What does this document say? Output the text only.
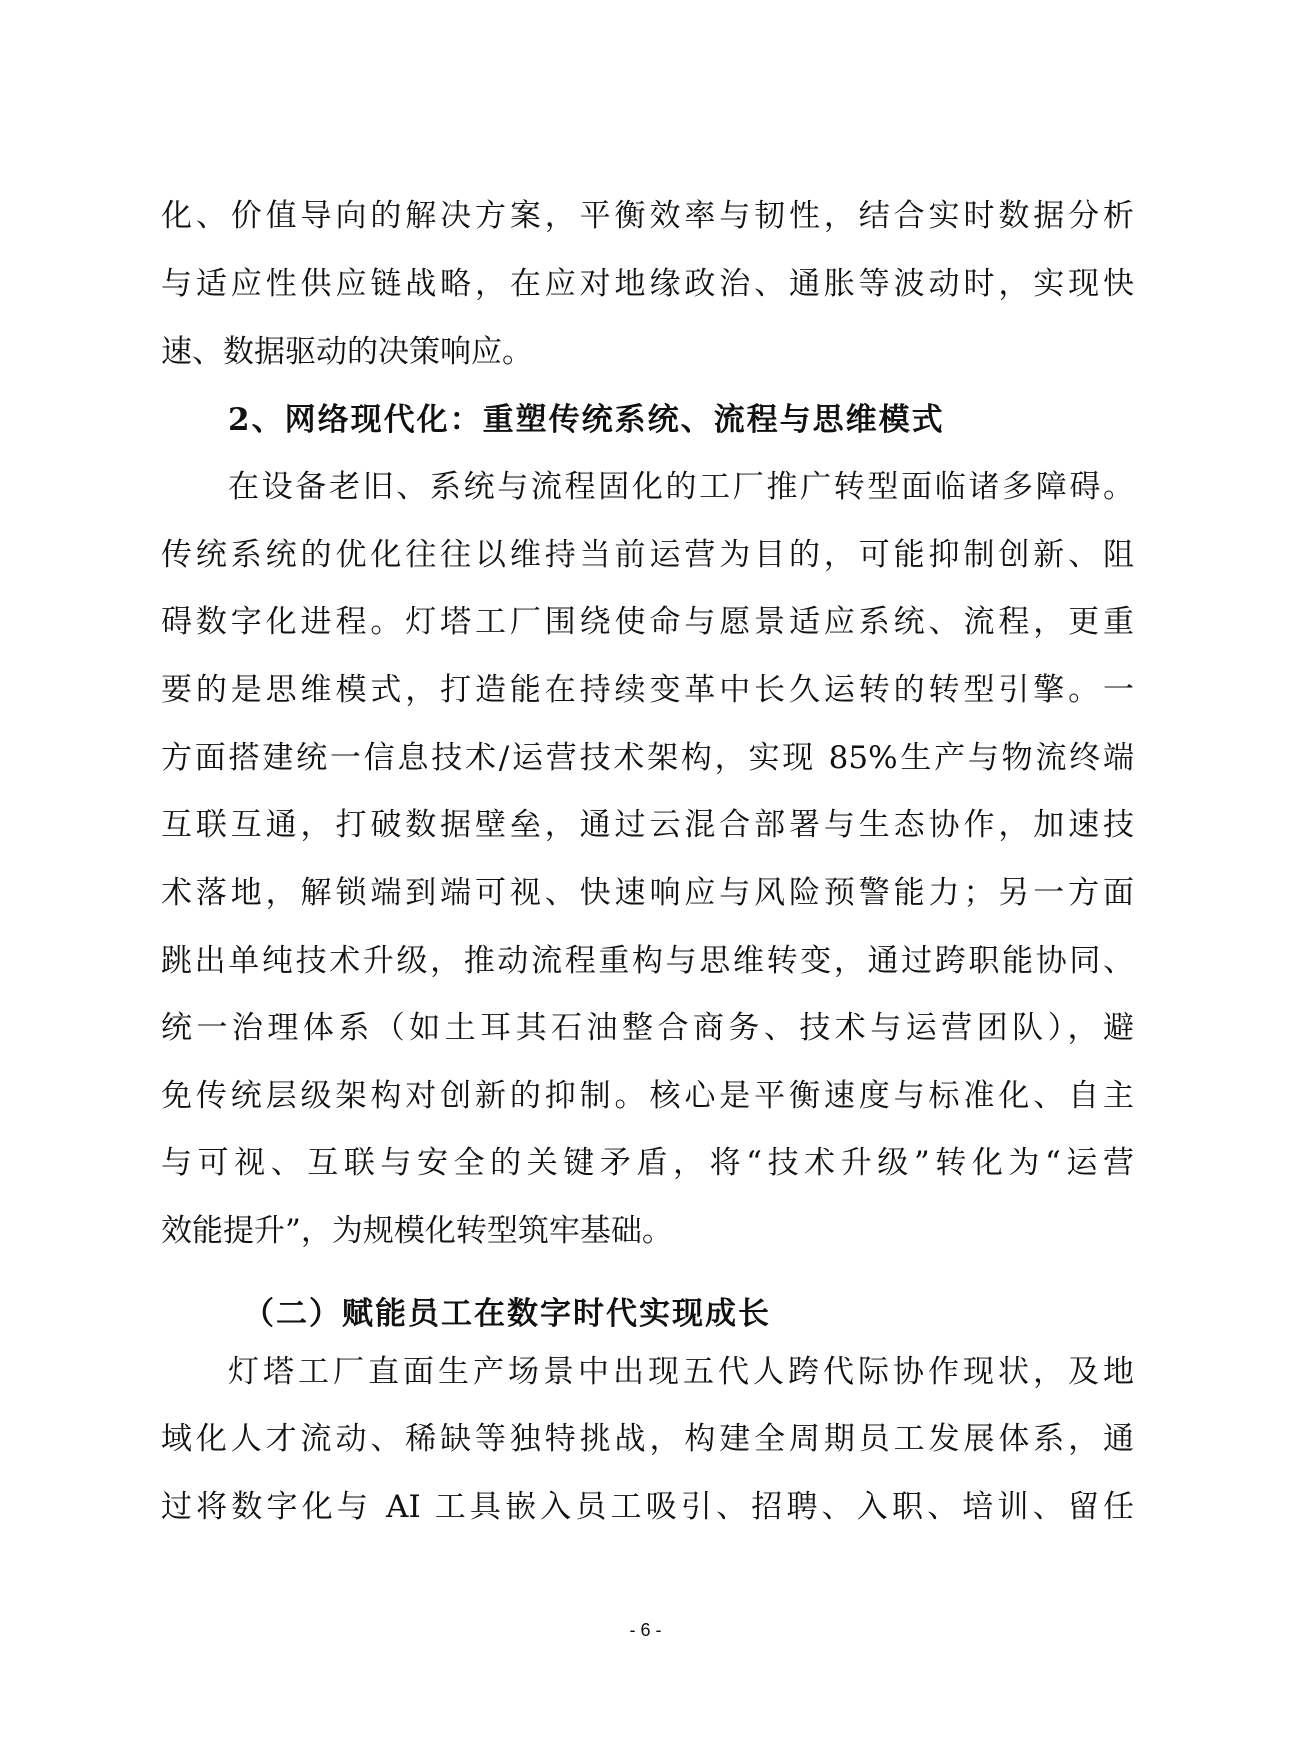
化、价值导向的解决方案，平衡效率与韧性，结合实时数据分析
与适应性供应链战略，在应对地缘政治、通胀等波动时，实现快
速、数据驱动的决策响应。
2、网络现代化：重塑传统系统、流程与思维模式
在设备老旧、系统与流程固化的工厂推广转型面临诸多障碍。
传统系统的优化往往以维持当前运营为目的，可能抑制创新、阻
碍数字化进程。灯塔工厂围绕使命与愿景适应系统、流程，更重
要的是思维模式，打造能在持续变革中长久运转的转型引擎。一
方面搭建统一信息技术/运营技术架构，实现 85%生产与物流终端
互联互通，打破数据壁垒，通过云混合部署与生态协作，加速技
术落地，解锁端到端可视、快速响应与风险预警能力；另一方面
跳出单纯技术升级，推动流程重构与思维转变，通过跨职能协同、
统一治理体系（如土耳其石油整合商务、技术与运营团队），避
免传统层级架构对创新的抑制。核心是平衡速度与标准化、自主
与可视、互联与安全的关键矛盾，将“技术升级”转化为“运营
效能提升”，为规模化转型筑牢基础。
（二）赋能员工在数字时代实现成长
灯塔工厂直面生产场景中出现五代人跨代际协作现状，及地
域化人才流动、稀缺等独特挑战，构建全周期员工发展体系，通
过将数字化与 AI 工具嵌入员工吸引、招聘、入职、培训、留任
- 6 -
